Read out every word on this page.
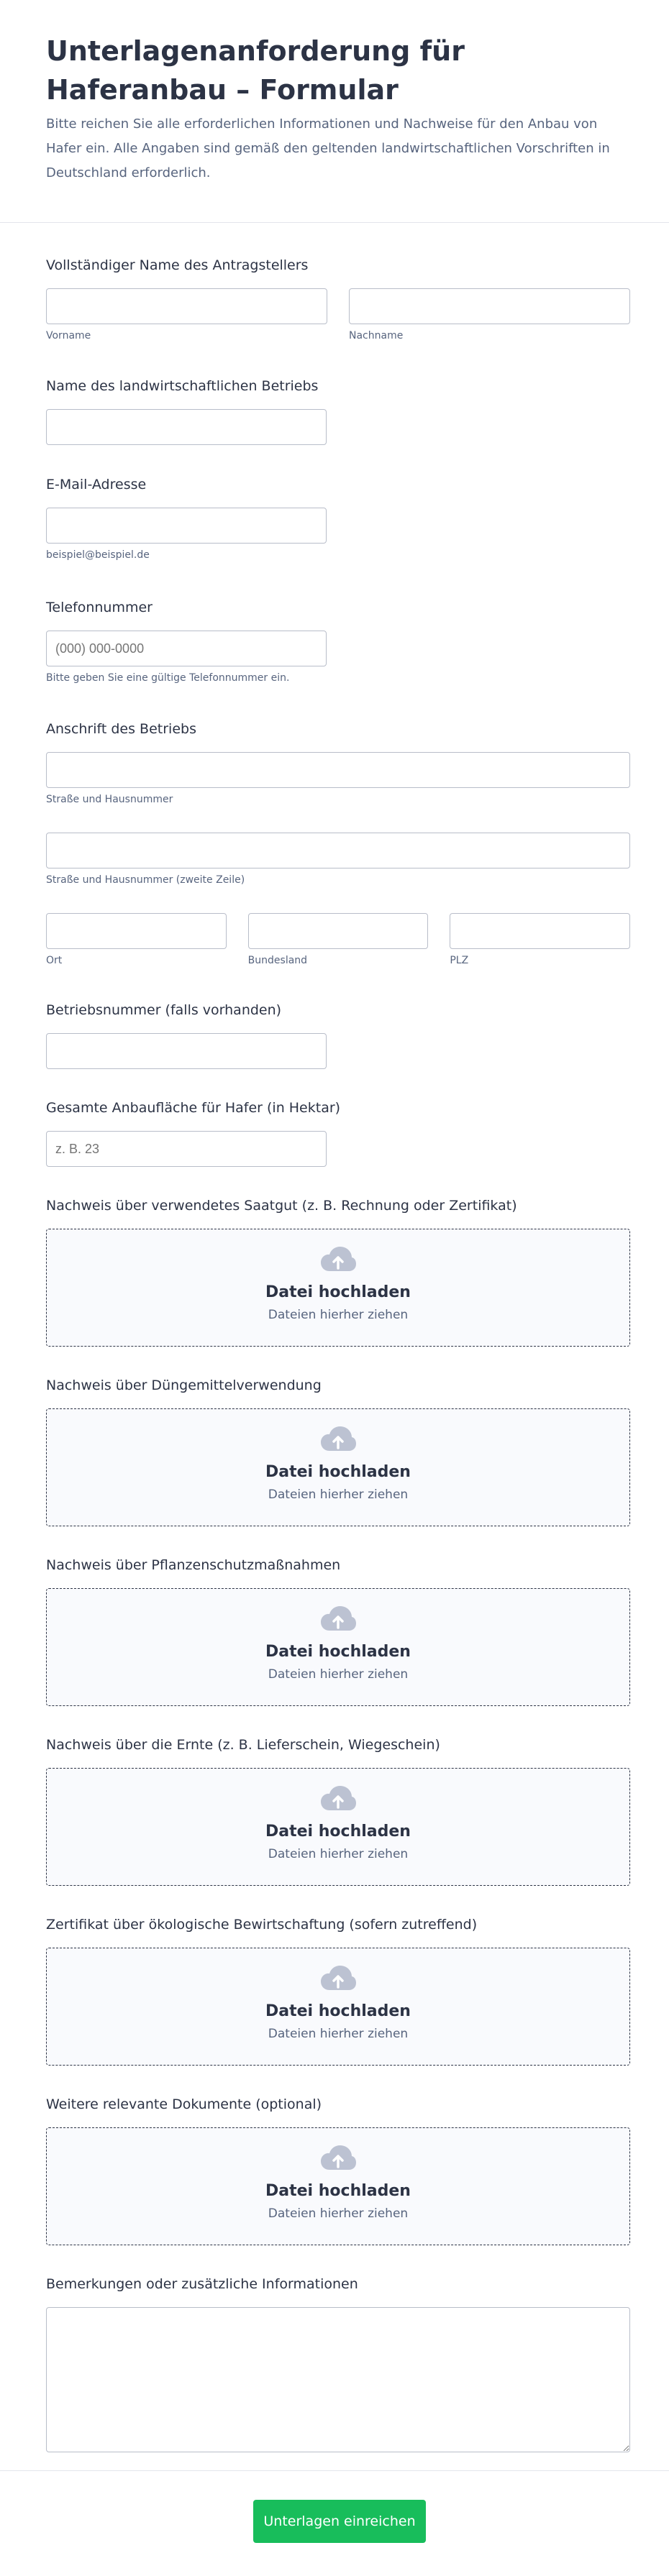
Unterlagenanforderung für Haferanbau – Formular

Bitte reichen Sie alle erforderlichen Informationen und Nachweise für den Anbau von Hafer ein. Alle Angaben sind gemäß den geltenden landwirtschaftlichen Vorschriften in Deutschland erforderlich.

Vollständiger Name des Antragstellers
Vorname	Nachname
Name des landwirtschaftlichen Betriebs
E-Mail-Adresse
beispiel@beispiel.de
Telefonnummer
(000) 000-0000
Bitte geben Sie eine gültige Telefonnummer ein.
Anschrift des Betriebs
Straße und Hausnummer
Straße und Hausnummer (zweite Zeile)
Ort	Bundesland	PLZ
Betriebsnummer (falls vorhanden)
Gesamte Anbaufläche für Hafer (in Hektar)
z. B. 23
Nachweis über verwendetes Saatgut (z. B. Rechnung oder Zertifikat)
Datei hochladen
Dateien hierher ziehen
Nachweis über Düngemittelverwendung
Datei hochladen
Dateien hierher ziehen
Nachweis über Pflanzenschutzmaßnahmen
Datei hochladen
Dateien hierher ziehen
Nachweis über die Ernte (z. B. Lieferschein, Wiegeschein)
Datei hochladen
Dateien hierher ziehen
Zertifikat über ökologische Bewirtschaftung (sofern zutreffend)
Datei hochladen
Dateien hierher ziehen
Weitere relevante Dokumente (optional)
Datei hochladen
Dateien hierher ziehen
Bemerkungen oder zusätzliche Informationen
Unterlagen einreichen
